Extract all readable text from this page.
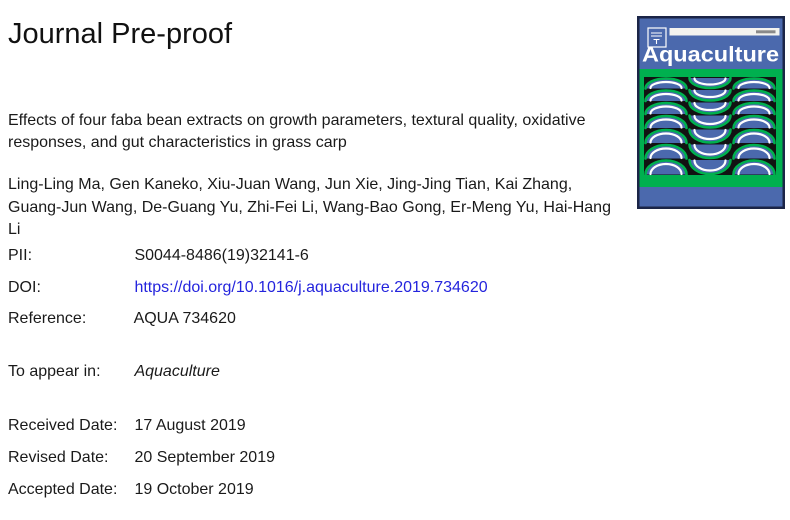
Journal Pre-proof
Effects of four faba bean extracts on growth parameters, textural quality, oxidative
responses, and gut characteristics in grass carp
Ling-Ling Ma, Gen Kaneko, Xiu-Juan Wang, Jun Xie, Jing-Jing Tian, Kai Zhang,
Guang-Jun Wang, De-Guang Yu, Zhi-Fei Li, Wang-Bao Gong, Er-Meng Yu, Hai-Hang
Li
PII:	S0044-8486(19)32141-6
DOI:	https://doi.org/10.1016/j.aquaculture.2019.734620
Reference:	AQUA 734620
To appear in: Aquaculture
Received Date: 17 August 2019
Revised Date: 20 September 2019
Accepted Date: 19 October 2019
Aquaculture
